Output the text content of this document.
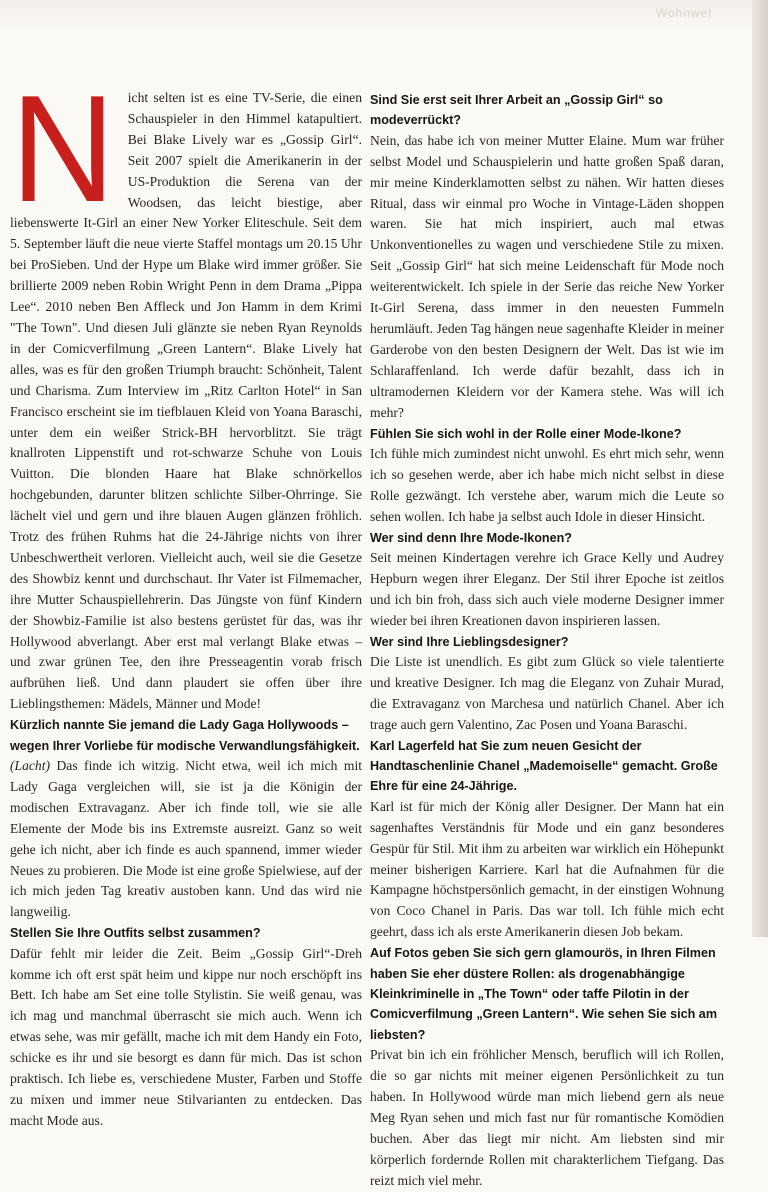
Wohnwel

Nicht selten ist es eine TV-Serie, die einen Schauspieler in den Himmel katapultiert. Bei Blake Lively war es „Gossip Girl“. Seit 2007 spielt die Amerikanerin in der US-Produktion die Serena van der Woodsen, das leicht biestige, aber liebenswerte It-Girl an einer New Yorker Eliteschule. Seit dem 5. September läuft die neue vierte Staffel montags um 20.15 Uhr bei ProSieben. Und der Hype um Blake wird immer größer. Sie brillierte 2009 neben Robin Wright Penn in dem Drama „Pippa Lee“. 2010 neben Ben Affleck und Jon Hamm in dem Krimi "The Town". Und diesen Juli glänzte sie neben Ryan Reynolds in der Comicverfilmung „Green Lantern“. Blake Lively hat alles, was es für den großen Triumph braucht: Schönheit, Talent und Charisma. Zum Interview im „Ritz Carlton Hotel“ in San Francisco erscheint sie im tiefblauen Kleid von Yoana Baraschi, unter dem ein weißer Strick-BH hervorblitzt. Sie trägt knallroten Lippenstift und rot-schwarze Schuhe von Louis Vuitton. Die blonden Haare hat Blake schnörkellos hochgebunden, darunter blitzen schlichte Silber-Ohrringe. Sie lächelt viel und gern und ihre blauen Augen glänzen fröhlich. Trotz des frühen Ruhms hat die 24-Jährige nichts von ihrer Unbeschwertheit verloren. Vielleicht auch, weil sie die Gesetze des Showbiz kennt und durchschaut. Ihr Vater ist Filmemacher, ihre Mutter Schauspiellehrerin. Das Jüngste von fünf Kindern der Showbiz-Familie ist also bestens gerüstet für das, was ihr Hollywood abverlangt. Aber erst mal verlangt Blake etwas – und zwar grünen Tee, den ihre Presseagentin vorab frisch aufbrühen ließ. Und dann plaudert sie offen über ihre Lieblingsthemen: Mädels, Männer und Mode!

Kürzlich nannte Sie jemand die Lady Gaga Hollywoods – wegen Ihrer Vorliebe für modische Verwandlungsfähigkeit.

(Lacht) Das finde ich witzig. Nicht etwa, weil ich mich mit Lady Gaga vergleichen will, sie ist ja die Königin der modischen Extravaganz. Aber ich finde toll, wie sie alle Elemente der Mode bis ins Extremste ausreizt. Ganz so weit gehe ich nicht, aber ich finde es auch spannend, immer wieder Neues zu probieren. Die Mode ist eine große Spielwiese, auf der ich mich jeden Tag kreativ austoben kann. Und das wird nie langweilig.

Stellen Sie Ihre Outfits selbst zusammen?

Dafür fehlt mir leider die Zeit. Beim „Gossip Girl“-Dreh komme ich oft erst spät heim und kippe nur noch erschöpft ins Bett. Ich habe am Set eine tolle Stylistin. Sie weiß genau, was ich mag und manchmal überrascht sie mich auch. Wenn ich etwas sehe, was mir gefällt, mache ich mit dem Handy ein Foto, schicke es ihr und sie besorgt es dann für mich. Das ist schon praktisch. Ich liebe es, verschiedene Muster, Farben und Stoffe zu mixen und immer neue Stilvarianten zu entdecken. Das macht Mode aus.

Sind Sie erst seit Ihrer Arbeit an „Gossip Girl“ so modeverrückt?

Nein, das habe ich von meiner Mutter Elaine. Mum war früher selbst Model und Schauspielerin und hatte großen Spaß daran, mir meine Kinderklamotten selbst zu nähen. Wir hatten dieses Ritual, dass wir einmal pro Woche in Vintage-Läden shoppen waren. Sie hat mich inspiriert, auch mal etwas Unkonventionelles zu wagen und verschiedene Stile zu mixen. Seit „Gossip Girl“ hat sich meine Leidenschaft für Mode noch weiterentwickelt. Ich spiele in der Serie das reiche New Yorker It-Girl Serena, dass immer in den neuesten Fummeln herumläuft. Jeden Tag hängen neue sagenhafte Kleider in meiner Garderobe von den besten Designern der Welt. Das ist wie im Schlaraffenland. Ich werde dafür bezahlt, dass ich in ultramodernen Kleidern vor der Kamera stehe. Was will ich mehr?

Fühlen Sie sich wohl in der Rolle einer Mode-Ikone?

Ich fühle mich zumindest nicht unwohl. Es ehrt mich sehr, wenn ich so gesehen werde, aber ich habe mich nicht selbst in diese Rolle gezwängt. Ich verstehe aber, warum mich die Leute so sehen wollen. Ich habe ja selbst auch Idole in dieser Hinsicht.

Wer sind denn Ihre Mode-Ikonen?

Seit meinen Kindertagen verehre ich Grace Kelly und Audrey Hepburn wegen ihrer Eleganz. Der Stil ihrer Epoche ist zeitlos und ich bin froh, dass sich auch viele moderne Designer immer wieder bei ihren Kreationen davon inspirieren lassen.

Wer sind Ihre Lieblingsdesigner?

Die Liste ist unendlich. Es gibt zum Glück so viele talentierte und kreative Designer. Ich mag die Eleganz von Zuhair Murad, die Extravaganz von Marchesa und natürlich Chanel. Aber ich trage auch gern Valentino, Zac Posen und Yoana Baraschi.

Karl Lagerfeld hat Sie zum neuen Gesicht der Handtaschenlinie Chanel „Mademoiselle“ gemacht. Große Ehre für eine 24-Jährige.

Karl ist für mich der König aller Designer. Der Mann hat ein sagenhaftes Verständnis für Mode und ein ganz besonderes Gespür für Stil. Mit ihm zu arbeiten war wirklich ein Höhepunkt meiner bisherigen Karriere. Karl hat die Aufnahmen für die Kampagne höchstpersönlich gemacht, in der einstigen Wohnung von Coco Chanel in Paris. Das war toll. Ich fühle mich echt geehrt, dass ich als erste Amerikanerin diesen Job bekam.

Auf Fotos geben Sie sich gern glamourös, in Ihren Filmen haben Sie eher düstere Rollen: als drogenabhängige Kleinkriminelle in „The Town“ oder taffe Pilotin in der Comicverfilmung „Green Lantern“. Wie sehen Sie sich am liebsten?

Privat bin ich ein fröhlicher Mensch, beruflich will ich Rollen, die so gar nichts mit meiner eigenen Persönlichkeit zu tun haben. In Hollywood würde man mich liebend gern als neue Meg Ryan sehen und mich fast nur für romantische Komödien buchen. Aber das liegt mir nicht. Am liebsten sind mir körperlich fordernde Rollen mit charakterlichem Tiefgang. Das reizt mich viel mehr.
